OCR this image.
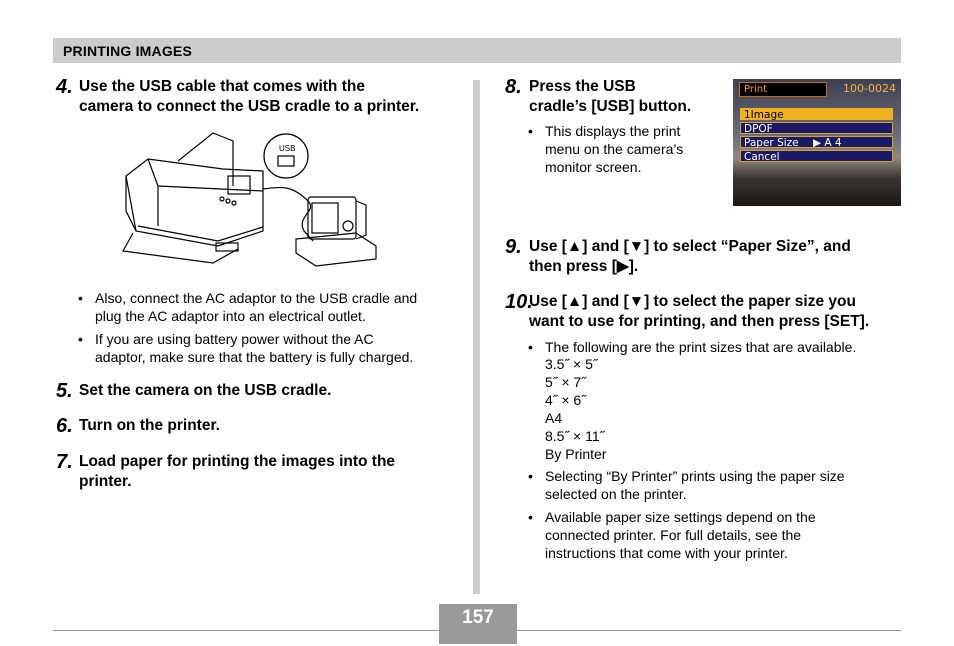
PRINTING IMAGES
4. Use the USB cable that comes with the
camera to connect the USB cradle to a printer.
USB
• Also, connect the AC adaptor to the USB cradle and
plug the AC adaptor into an electrical outlet.
• If you are using battery power without the AC
adaptor, make sure that the battery is fully charged.
5. Set the camera on the USB cradle.
6. Turn on the printer.
7. Load paper for printing the images into the
printer.
8. Press the USB
cradle’s [USB] button.
• This displays the print
menu on the camera’s
monitor screen.
Print	100-0024
1Image
DPOF
Paper Size ▶ A 4
Cancel
9. Use [▲] and [▼] to select “Paper Size”, and
then press [▶].
10.
Use [▲] and [▼] to select the paper size you
want to use for printing, and then press [SET].
• The following are the print sizes that are available.
3.5˝ × 5˝
5˝ × 7˝
4˝ × 6˝
A4
8.5˝ × 11˝
By Printer
• Selecting “By Printer” prints using the paper size
selected on the printer.
• Available paper size settings depend on the
connected printer. For full details, see the
instructions that come with your printer.
157
